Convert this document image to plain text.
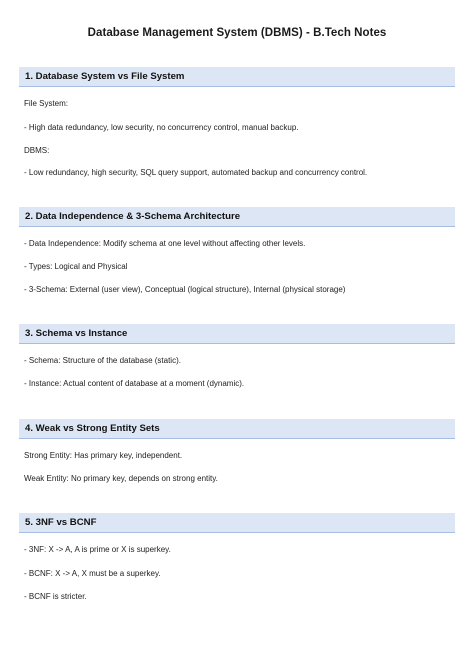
Database Management System (DBMS) - B.Tech Notes
1. Database System vs File System
File System:
- High data redundancy, low security, no concurrency control, manual backup.
DBMS:
- Low redundancy, high security, SQL query support, automated backup and concurrency control.
2. Data Independence & 3-Schema Architecture
- Data Independence: Modify schema at one level without affecting other levels.
- Types: Logical and Physical
- 3-Schema: External (user view), Conceptual (logical structure), Internal (physical storage)
3. Schema vs Instance
- Schema: Structure of the database (static).
- Instance: Actual content of database at a moment (dynamic).
4. Weak vs Strong Entity Sets
Strong Entity: Has primary key, independent.
Weak Entity: No primary key, depends on strong entity.
5. 3NF vs BCNF
- 3NF: X -> A, A is prime or X is superkey.
- BCNF: X -> A, X must be a superkey.
- BCNF is stricter.
